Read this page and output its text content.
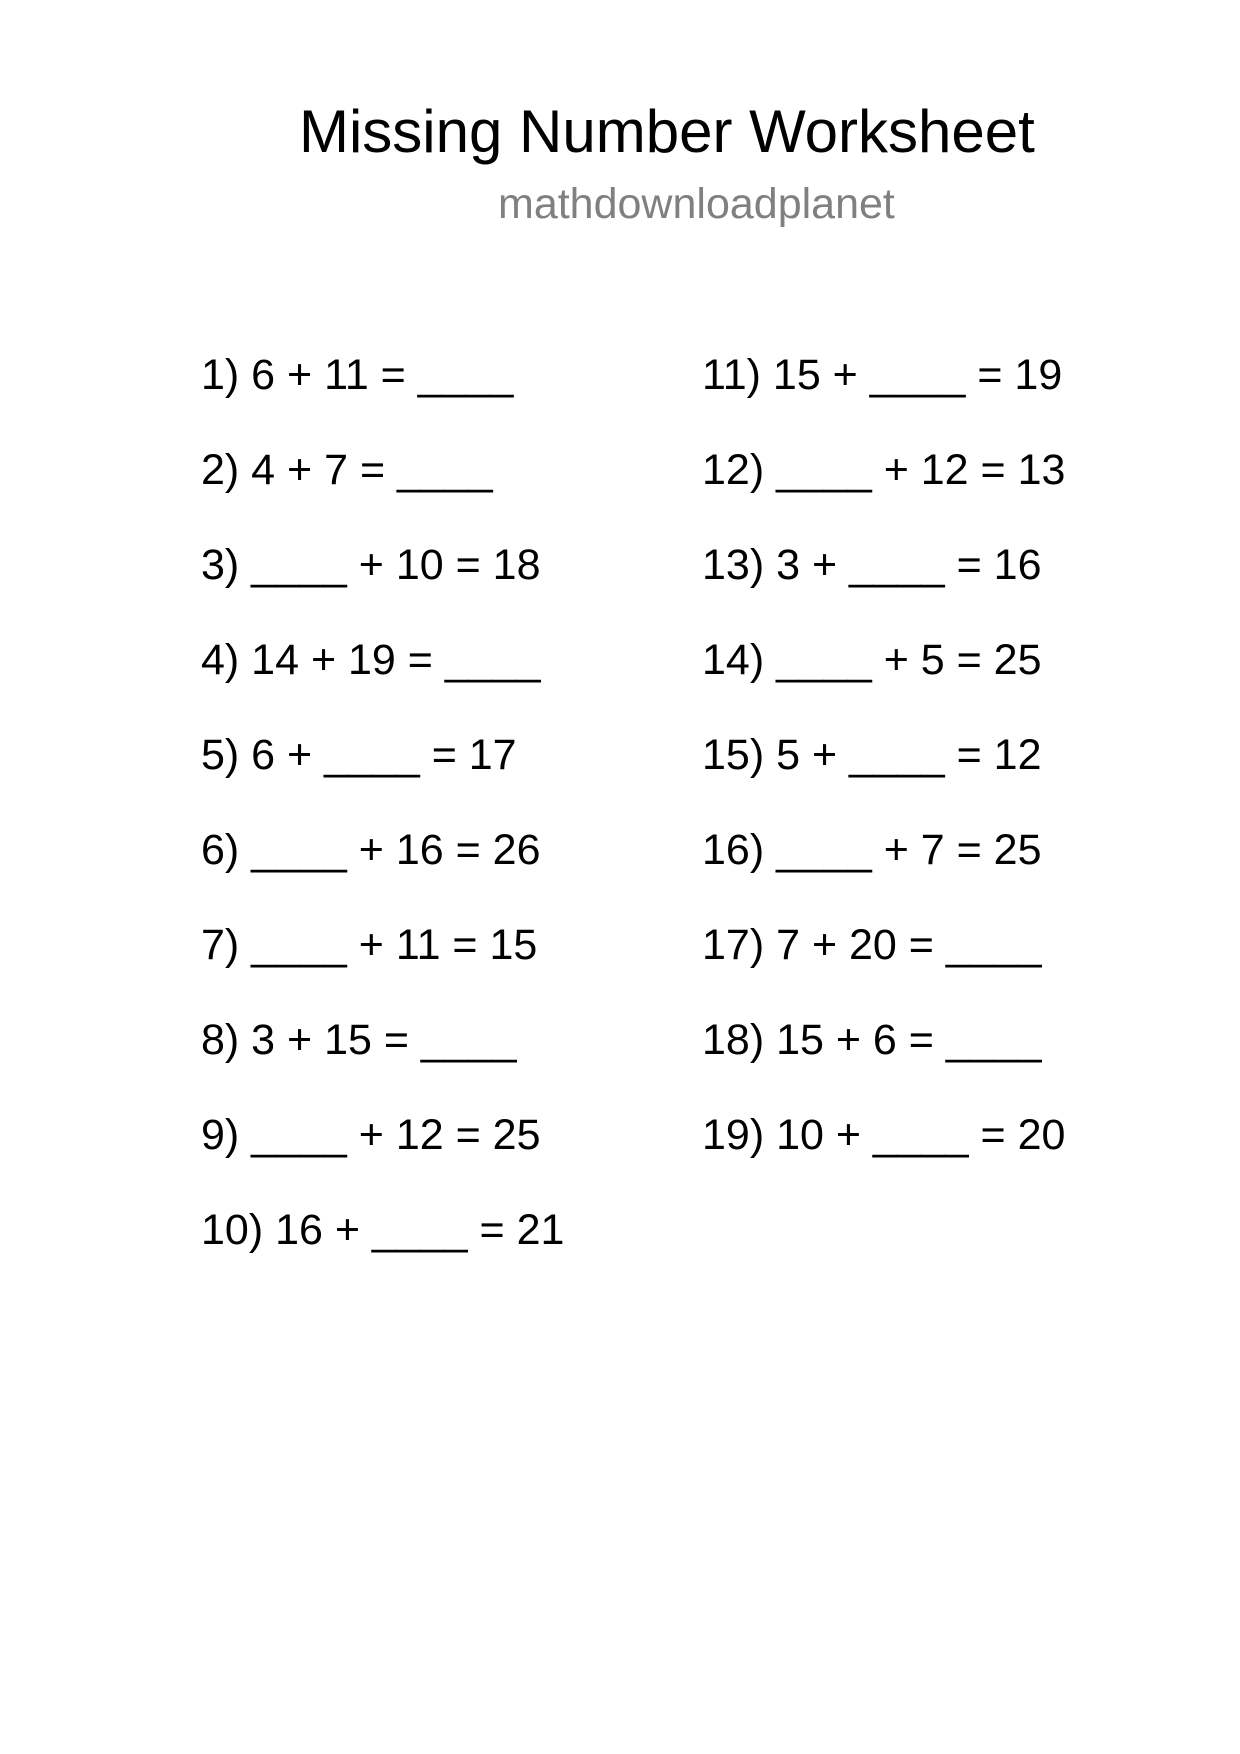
Missing Number Worksheet
mathdownloadplanet
1) 6 + 11 = ____
2) 4 + 7 = ____
3) ____ + 10 = 18
4) 14 + 19 = ____
5) 6 + ____ = 17
6) ____ + 16 = 26
7) ____ + 11 = 15
8) 3 + 15 = ____
9) ____ + 12 = 25
10) 16 + ____ = 21
11) 15 + ____ = 19
12) ____ + 12 = 13
13) 3 + ____ = 16
14) ____ + 5 = 25
15) 5 + ____ = 12
16) ____ + 7 = 25
17) 7 + 20 = ____
18) 15 + 6 = ____
19) 10 + ____ = 20
